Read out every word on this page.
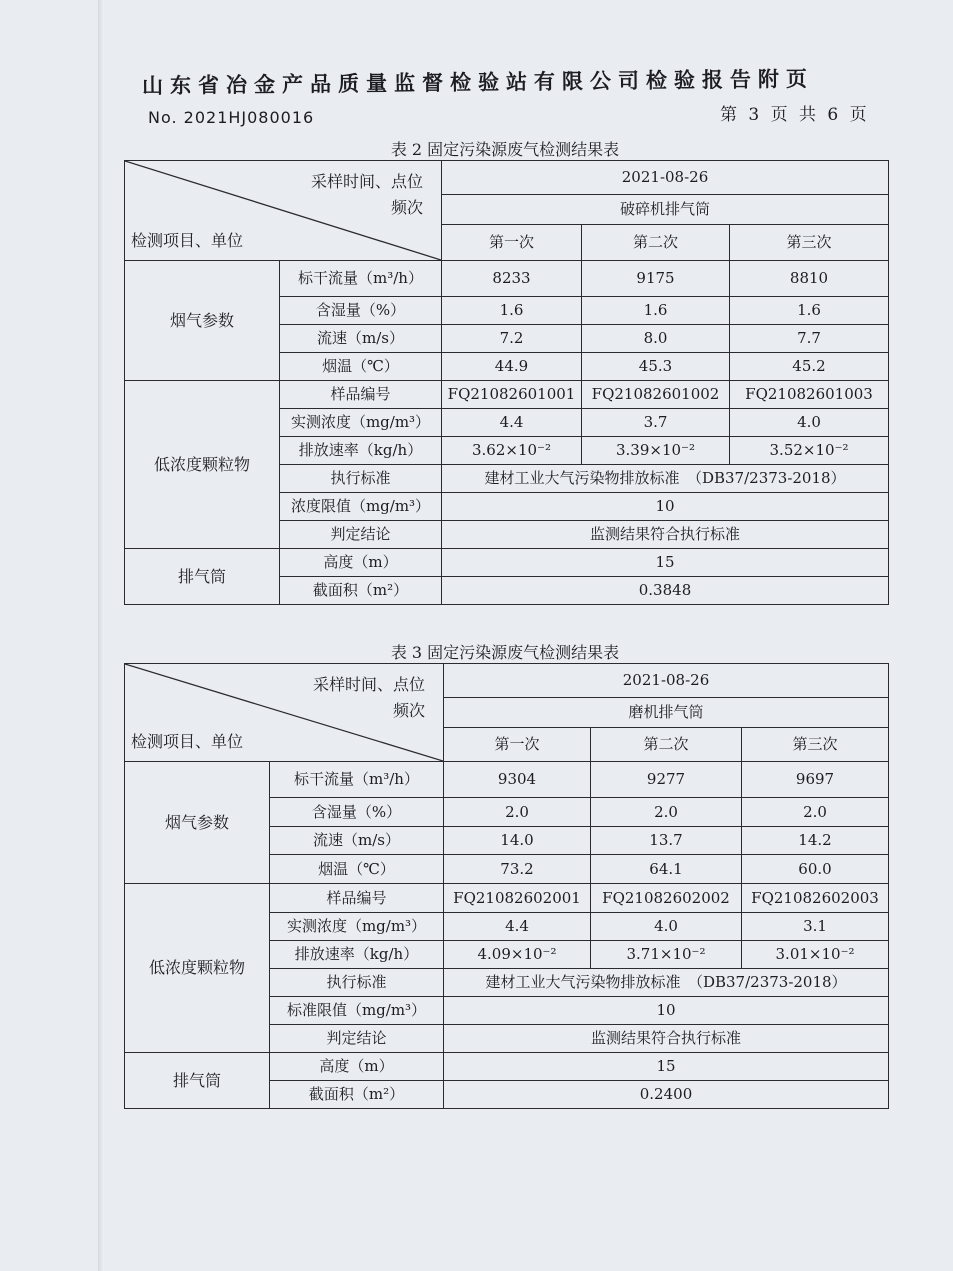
山东省冶金产品质量监督检验站有限公司检验报告附页
No. 2021HJ080016	第 3 页 共 6 页
表 2 固定污染源废气检测结果表
采样时间、点位
频次
检测项目、单位		2021-08-26		
		破碎机排气筒		
		第一次	第二次	第三次
烟气参数	标干流量（m³/h）	8233	9175	8810
	含湿量（%）	1.6	1.6	1.6
	流速（m/s）	7.2	8.0	7.7
	烟温（℃）	44.9	45.3	45.2
低浓度颗粒物	样品编号	FQ21082601001	FQ21082601002	FQ21082601003
	实测浓度（mg/m³）	4.4	3.7	4.0
	排放速率（kg/h）	3.62×10⁻²	3.39×10⁻²	3.52×10⁻²
	执行标准	建材工业大气污染物排放标准　（DB37/2373-2018）		
	浓度限值（mg/m³）	10		
	判定结论	监测结果符合执行标准		
排气筒	高度（m）	15		
	截面积（m²）	0.3848		
表 3 固定污染源废气检测结果表
采样时间、点位
频次
检测项目、单位		2021-08-26		
		磨机排气筒		
		第一次	第二次	第三次
烟气参数	标干流量（m³/h）	9304	9277	9697
	含湿量（%）	2.0	2.0	2.0
	流速（m/s）	14.0	13.7	14.2
	烟温（℃）	73.2	64.1	60.0
低浓度颗粒物	样品编号	FQ21082602001	FQ21082602002	FQ21082602003
	实测浓度（mg/m³）	4.4	4.0	3.1
	排放速率（kg/h）	4.09×10⁻²	3.71×10⁻²	3.01×10⁻²
	执行标准	建材工业大气污染物排放标准　（DB37/2373-2018）		
	标准限值（mg/m³）	10		
	判定结论	监测结果符合执行标准		
排气筒	高度（m）	15		
	截面积（m²）	0.2400		
